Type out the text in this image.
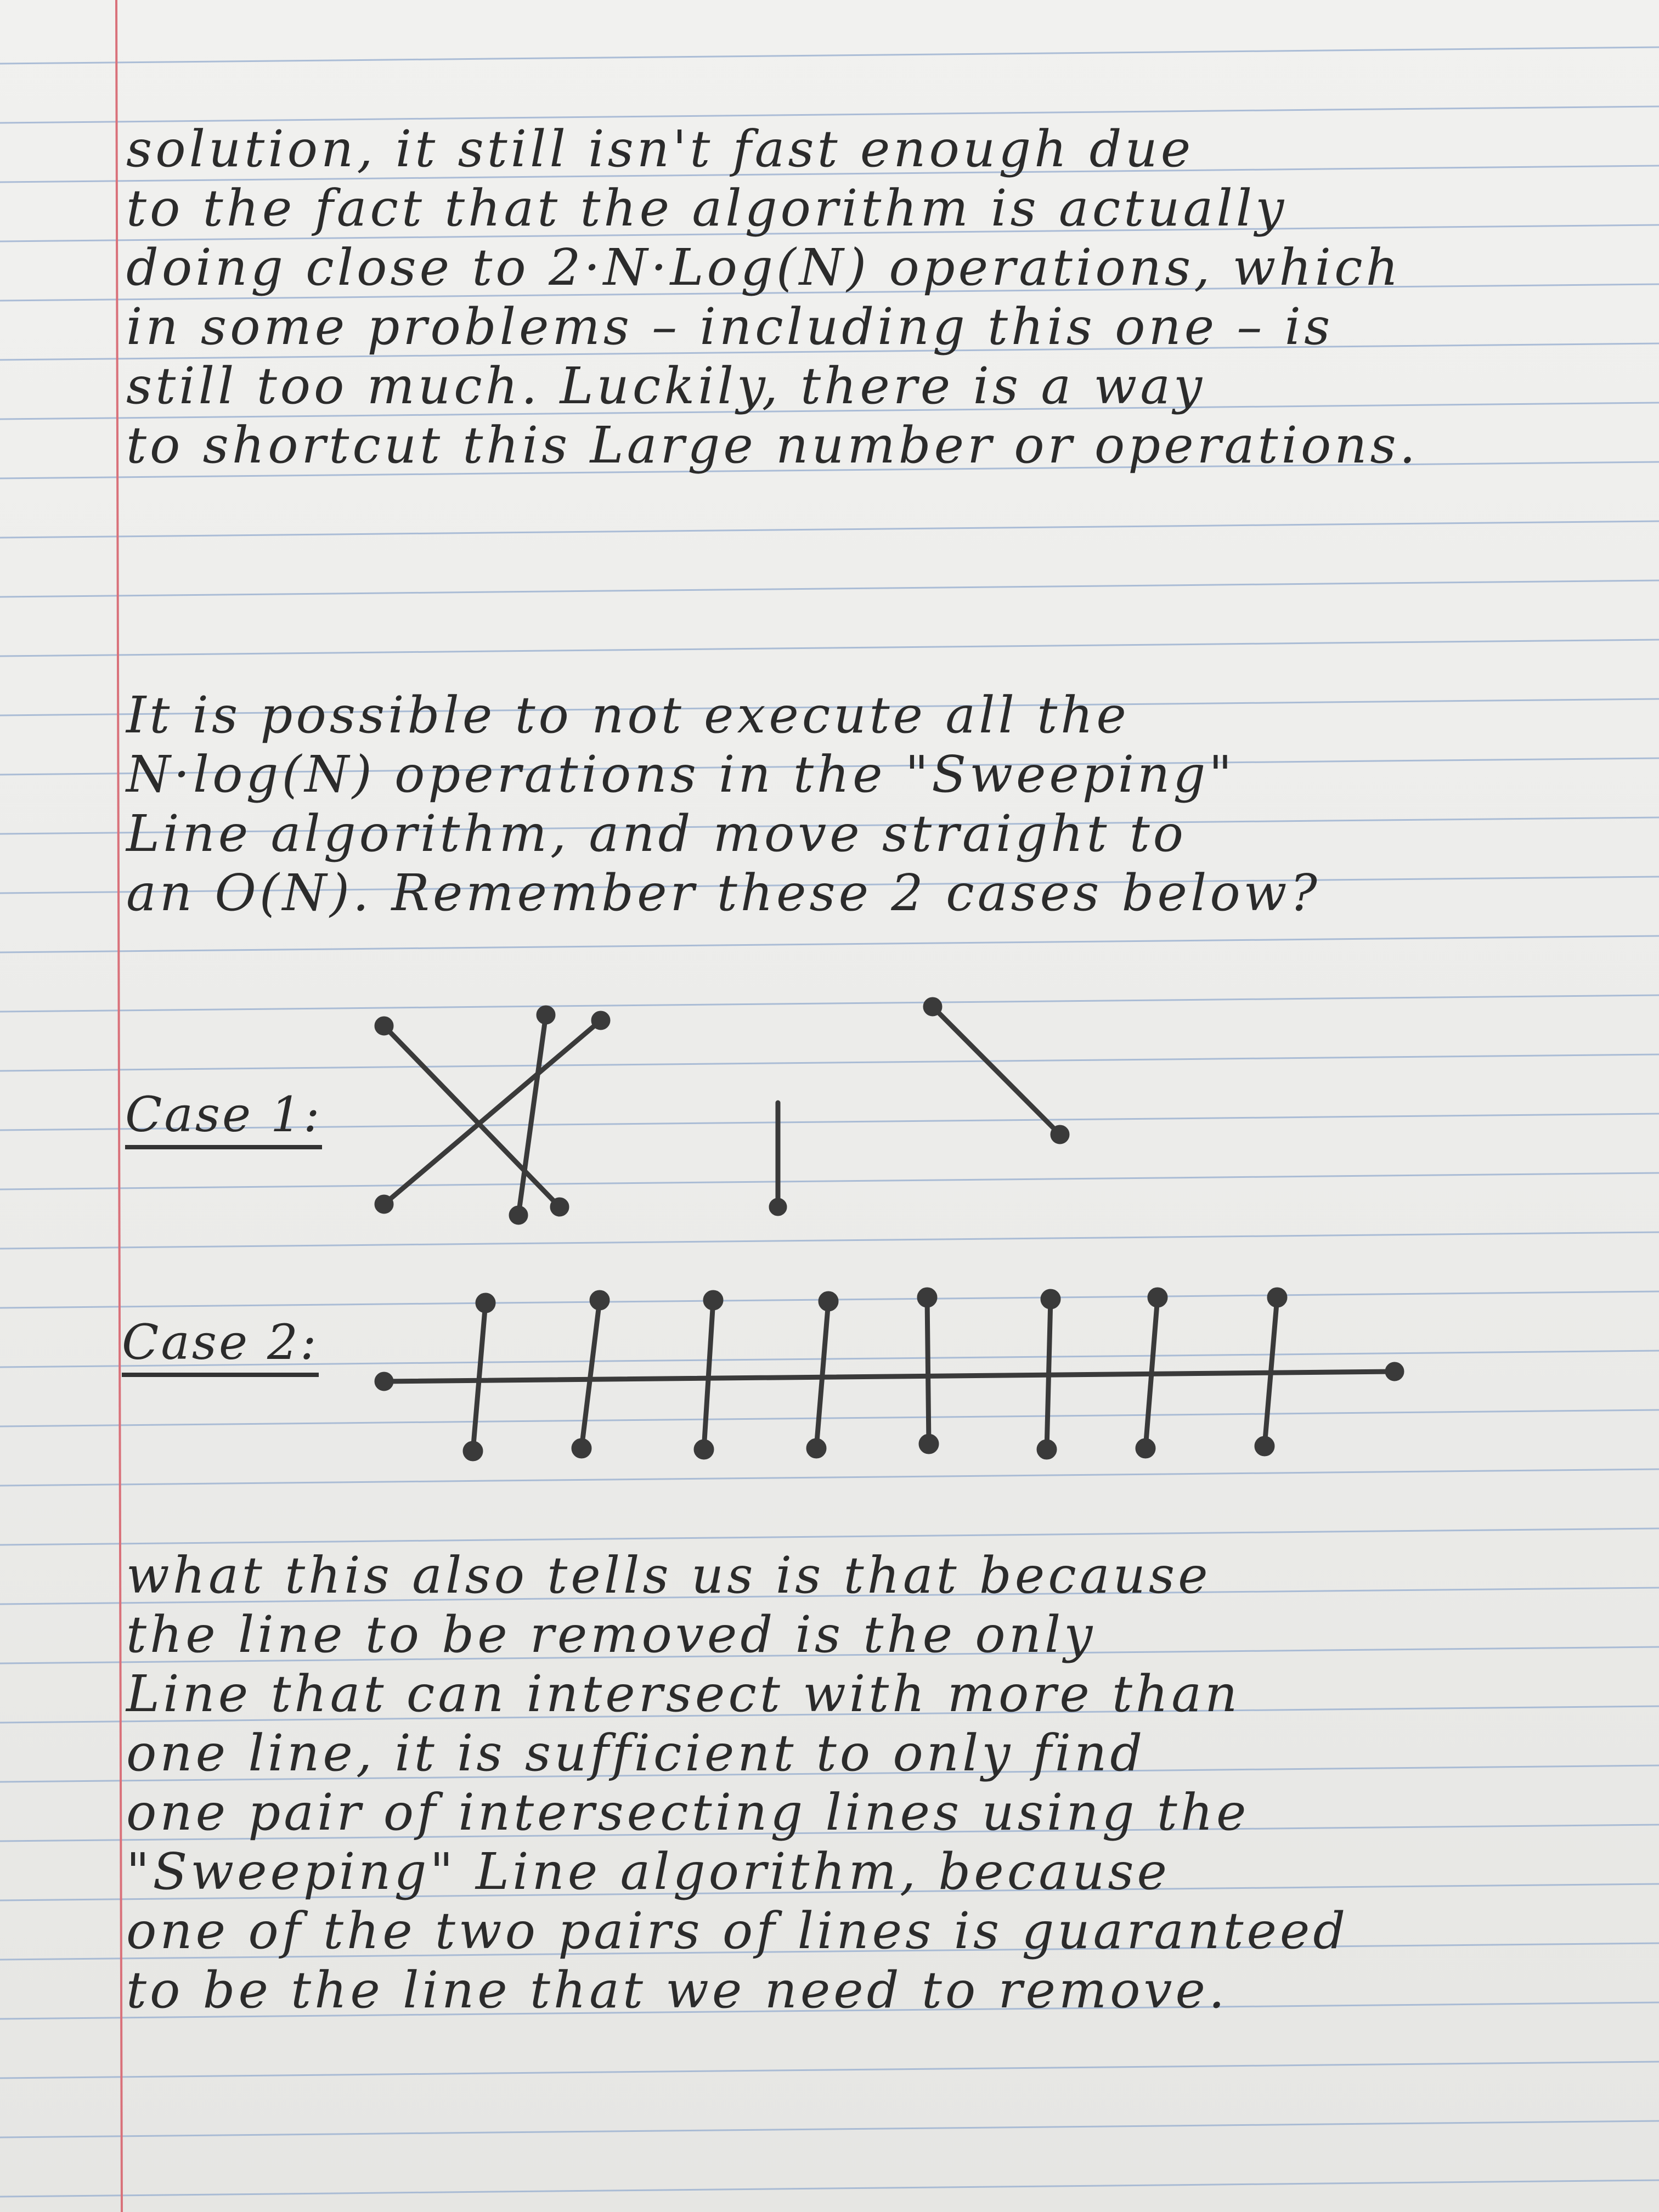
solution, it still isn't fast enough due
to the fact that the algorithm is actually
doing close to 2·N·Log(N) operations, which
in some problems – including this one – is
still too much. Luckily, there is a way
to shortcut this Large number or operations.
It is possible to not execute all the
N·log(N) operations in the "Sweeping"
Line algorithm, and move straight to
an O(N). Remember these 2 cases below?
Case 1:
Case 2:
what this also tells us is that because
the line to be removed is the only
Line that can intersect with more than
one line, it is sufficient to only find
one pair of intersecting lines using the
"Sweeping" Line algorithm, because
one of the two pairs of lines is guaranteed
to be the line that we need to remove.
